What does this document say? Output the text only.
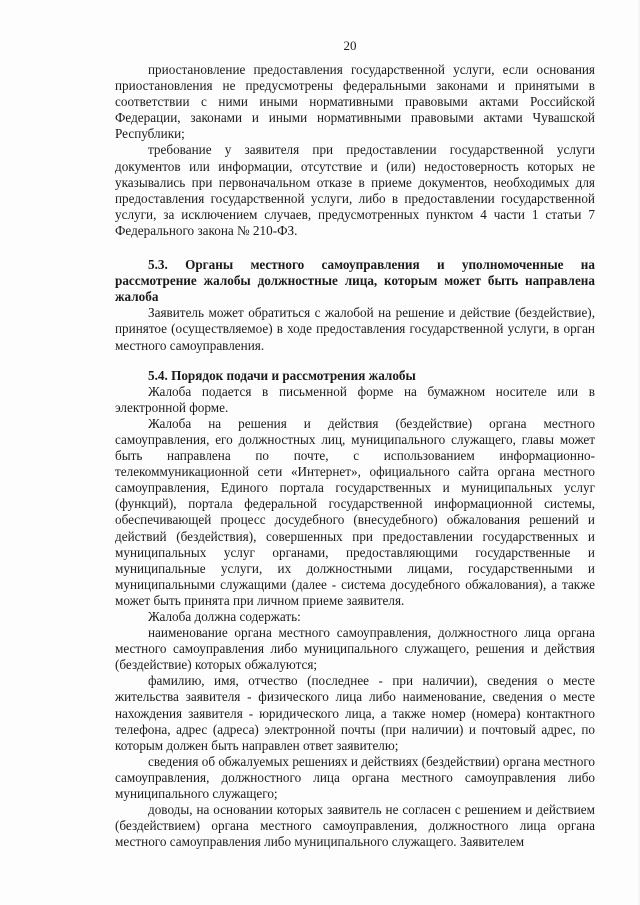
20

приостановление предоставления государственной услуги, если основания приостановления не предусмотрены федеральными законами и принятыми в соответствии с ними иными нормативными правовыми актами Российской Федерации, законами и иными нормативными правовыми актами Чувашской Республики;

требование у заявителя при предоставлении государственной услуги документов или информации, отсутствие и (или) недостоверность которых не указывались при первоначальном отказе в приеме документов, необходимых для предоставления государственной услуги, либо в предоставлении государственной услуги, за исключением случаев, предусмотренных пунктом 4 части 1 статьи 7 Федерального закона № 210-ФЗ.

5.3. Органы местного самоуправления и уполномоченные на рассмотрение жалобы должностные лица, которым может быть направлена жалоба

Заявитель может обратиться с жалобой на решение и действие (бездействие), принятое (осуществляемое) в ходе предоставления государственной услуги, в орган местного самоуправления.

5.4. Порядок подачи и рассмотрения жалобы

Жалоба подается в письменной форме на бумажном носителе или в электронной форме.

Жалоба на решения и действия (бездействие) органа местного самоуправления, его должностных лиц, муниципального служащего, главы может быть направлена по почте, с использованием информационно-телекоммуникационной сети «Интернет», официального сайта органа местного самоуправления, Единого портала государственных и муниципальных услуг (функций), портала федеральной государственной информационной системы, обеспечивающей процесс досудебного (внесудебного) обжалования решений и действий (бездействия), совершенных при предоставлении государственных и муниципальных услуг органами, предоставляющими государственные и муниципальные услуги, их должностными лицами, государственными и муниципальными служащими (далее - система досудебного обжалования), а также может быть принята при личном приеме заявителя.

Жалоба должна содержать:

наименование органа местного самоуправления, должностного лица органа местного самоуправления либо муниципального служащего, решения и действия (бездействие) которых обжалуются;

фамилию, имя, отчество (последнее - при наличии), сведения о месте жительства заявителя - физического лица либо наименование, сведения о месте нахождения заявителя - юридического лица, а также номер (номера) контактного телефона, адрес (адреса) электронной почты (при наличии) и почтовый адрес, по которым должен быть направлен ответ заявителю;

сведения об обжалуемых решениях и действиях (бездействии) органа местного самоуправления, должностного лица органа местного самоуправления либо муниципального служащего;

доводы, на основании которых заявитель не согласен с решением и действием (бездействием) органа местного самоуправления, должностного лица органа местного самоуправления либо муниципального служащего. Заявителем
